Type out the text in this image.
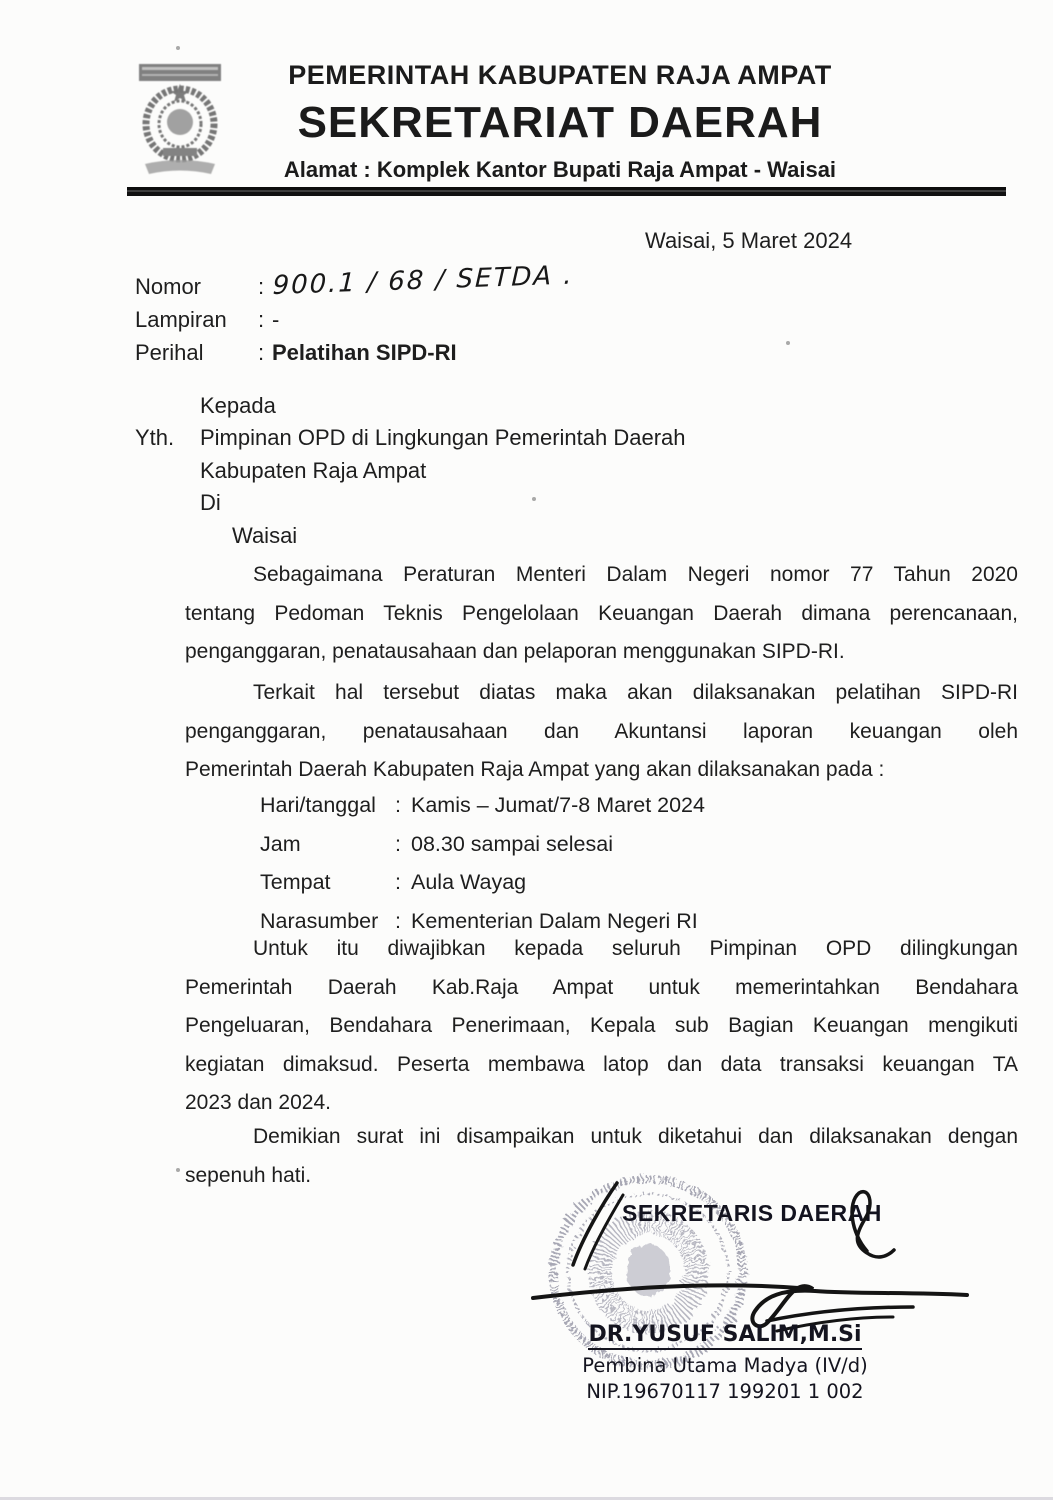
PEMERINTAH KABUPATEN RAJA AMPAT
SEKRETARIAT DAERAH
Alamat : Komplek Kantor Bupati Raja Ampat - Waisai
Waisai, 5 Maret 2024
Nomor	: 900.1 / 68 / SETDA .
Lampiran : -
Perihal : Pelatihan SIPD-RI
Kepada
Yth. Pimpinan OPD di Lingkungan Pemerintah Daerah
Kabupaten Raja Ampat
Di
Waisai
Sebagaimana Peraturan Menteri Dalam Negeri nomor 77 Tahun 2020
tentang Pedoman Teknis Pengelolaan Keuangan Daerah dimana perencanaan,
penganggaran, penatausahaan dan pelaporan menggunakan SIPD-RI.
Terkait hal tersebut diatas maka akan dilaksanakan pelatihan SIPD-RI
penganggaran, penatausahaan dan Akuntansi laporan keuangan oleh
Pemerintah Daerah Kabupaten Raja Ampat yang akan dilaksanakan pada :
Hari/tanggal : Kamis – Jumat/7-8 Maret 2024
Jam	: 08.30 sampai selesai
Tempat	: Aula Wayag
Narasumber : Kementerian Dalam Negeri RI
Untuk itu diwajibkan kepada seluruh Pimpinan OPD dilingkungan
Pemerintah Daerah Kab.Raja Ampat untuk memerintahkan Bendahara
Pengeluaran, Bendahara Penerimaan, Kepala sub Bagian Keuangan mengikuti
kegiatan dimaksud. Peserta membawa latop dan data transaksi keuangan TA
2023 dan 2024.
Demikian surat ini disampaikan untuk diketahui dan dilaksanakan dengan
sepenuh hati.
SEKRETARIS DAERAH
DR.YUSUF SALIM,M.Si
Pembina Utama Madya (IV/d)
NIP.19670117 199201 1 002
